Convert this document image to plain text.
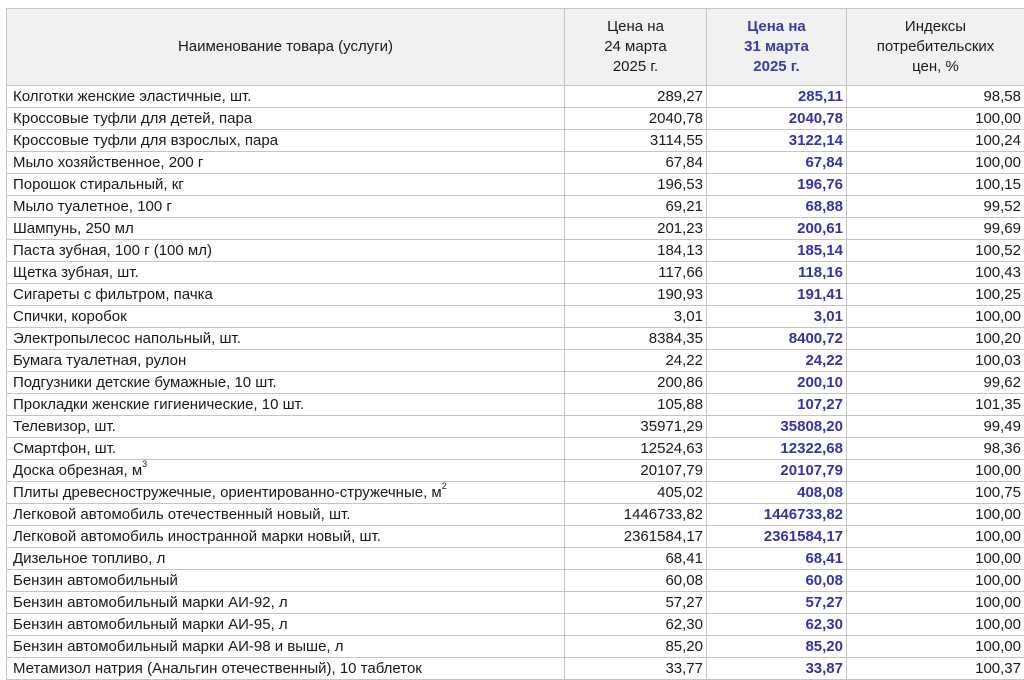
Наименование товара (услуги)	Цена на
24 марта
2025 г.	Цена на
31 марта
2025 г.	Индексы
потребительских
цен, %
Колготки женские эластичные, шт.	289,27	285,11	98,58
Кроссовые туфли для детей, пара	2040,78	2040,78	100,00
Кроссовые туфли для взрослых, пара	3114,55	3122,14	100,24
Мыло хозяйственное, 200 г	67,84	67,84	100,00
Порошок стиральный, кг	196,53	196,76	100,15
Мыло туалетное, 100 г	69,21	68,88	99,52
Шампунь, 250 мл	201,23	200,61	99,69
Паста зубная, 100 г (100 мл)	184,13	185,14	100,52
Щетка зубная, шт.	117,66	118,16	100,43
Сигареты с фильтром, пачка	190,93	191,41	100,25
Спички, коробок	3,01	3,01	100,00
Электропылесос напольный, шт.	8384,35	8400,72	100,20
Бумага туалетная, рулон	24,22	24,22	100,03
Подгузники детские бумажные, 10 шт.	200,86	200,10	99,62
Прокладки женские гигиенические, 10 шт.	105,88	107,27	101,35
Телевизор, шт.	35971,29	35808,20	99,49
Смартфон, шт.	12524,63	12322,68	98,36
Доска обрезная, $м^3$	20107,79	20107,79	100,00
Плиты древесностружечные, ориентированно-стружечные, $м^2$	405,02	408,08	100,75
Легковой автомобиль отечественный новый, шт.	1446733,82	1446733,82	100,00
Легковой автомобиль иностранной марки новый, шт.	2361584,17	2361584,17	100,00
Дизельное топливо, л	68,41	68,41	100,00
Бензин автомобильный	60,08	60,08	100,00
Бензин автомобильный марки АИ-92, л	57,27	57,27	100,00
Бензин автомобильный марки АИ-95, л	62,30	62,30	100,00
Бензин автомобильный марки АИ-98 и выше, л	85,20	85,20	100,00
Метамизол натрия (Анальгин отечественный), 10 таблеток	33,77	33,87	100,37
